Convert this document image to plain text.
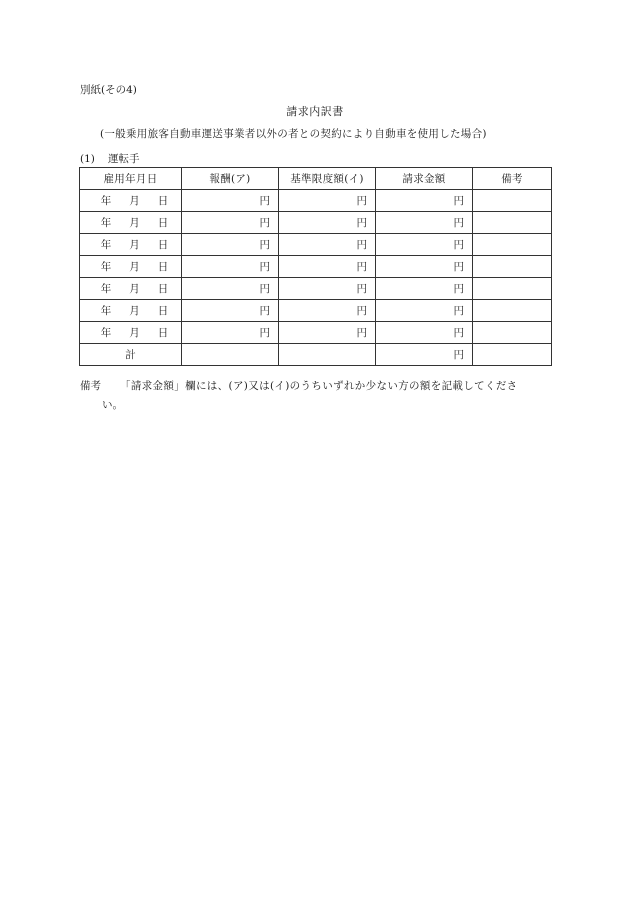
別紙(その4)
請求内訳書
(一般乗用旅客自動車運送事業者以外の者との契約により自動車を使用した場合)
(1) 運転手
雇用年月日	報酬(ア)	基準限度額(イ)	請求金額	備考
年 月 日	円	円	円	
年 月 日	円	円	円	
年 月 日	円	円	円	
年 月 日	円	円	円	
年 月 日	円	円	円	
年 月 日	円	円	円	
年 月 日	円	円	円	
計			円	
備考 「請求金額」欄には、(ア)又は(イ)のうちいずれか少ない方の額を記載してくださ
い。
